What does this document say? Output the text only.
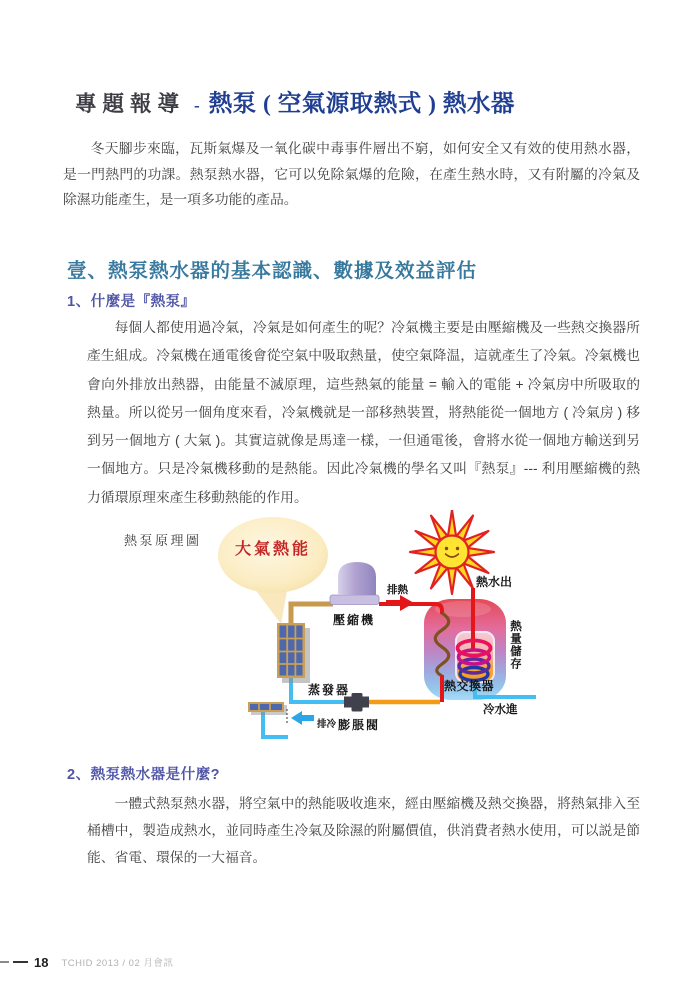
專題報導 - 熱泵 ( 空氣源取熱式 ) 熱水器

冬天腳步來臨，瓦斯氣爆及一氧化碳中毒事件層出不窮，如何安全又有效的使用熱水器，是一門熱門的功課。熱泵熱水器，它可以免除氣爆的危險，在產生熱水時，又有附屬的冷氣及除濕功能產生，是一項多功能的產品。

壹、熱泵熱水器的基本認識、數據及效益評估
1、什麼是『熱泵』

每個人都使用過冷氣，冷氣是如何產生的呢？冷氣機主要是由壓縮機及一些熱交換器所產生組成。冷氣機在通電後會從空氣中吸取熱量，使空氣降温，這就產生了冷氣。冷氣機也會向外排放出熱器，由能量不滅原理，這些熱氣的能量 = 輸入的電能 + 冷氣房中所吸取的熱量。所以從另一個角度來看，冷氣機就是一部移熱裝置，將熱能從一個地方 ( 冷氣房 ) 移到另一個地方 ( 大氣 )。其實這就像是馬達一樣，一但通電後，會將水從一個地方輸送到另一個地方。只是冷氣機移動的是熱能。因此冷氣機的學名又叫『熱泵』--- 利用壓縮機的熱力循環原理來產生移動熱能的作用。

熱泵原理圖
大氣熱能
排熱
熱水出
壓縮機	熱量儲存
熱交換器
冷水進
蒸發器
膨脹閥
排冷
2、熱泵熱水器是什麼?

一體式熱泵熱水器，將空氣中的熱能吸收進來，經由壓縮機及熱交換器，將熱氣排入至桶槽中，製造成熱水，並同時產生冷氣及除濕的附屬價值，供消費者熱水使用，可以説是節能、省電、環保的一大福音。

18 TCHID 2013 / 02 月會訊
